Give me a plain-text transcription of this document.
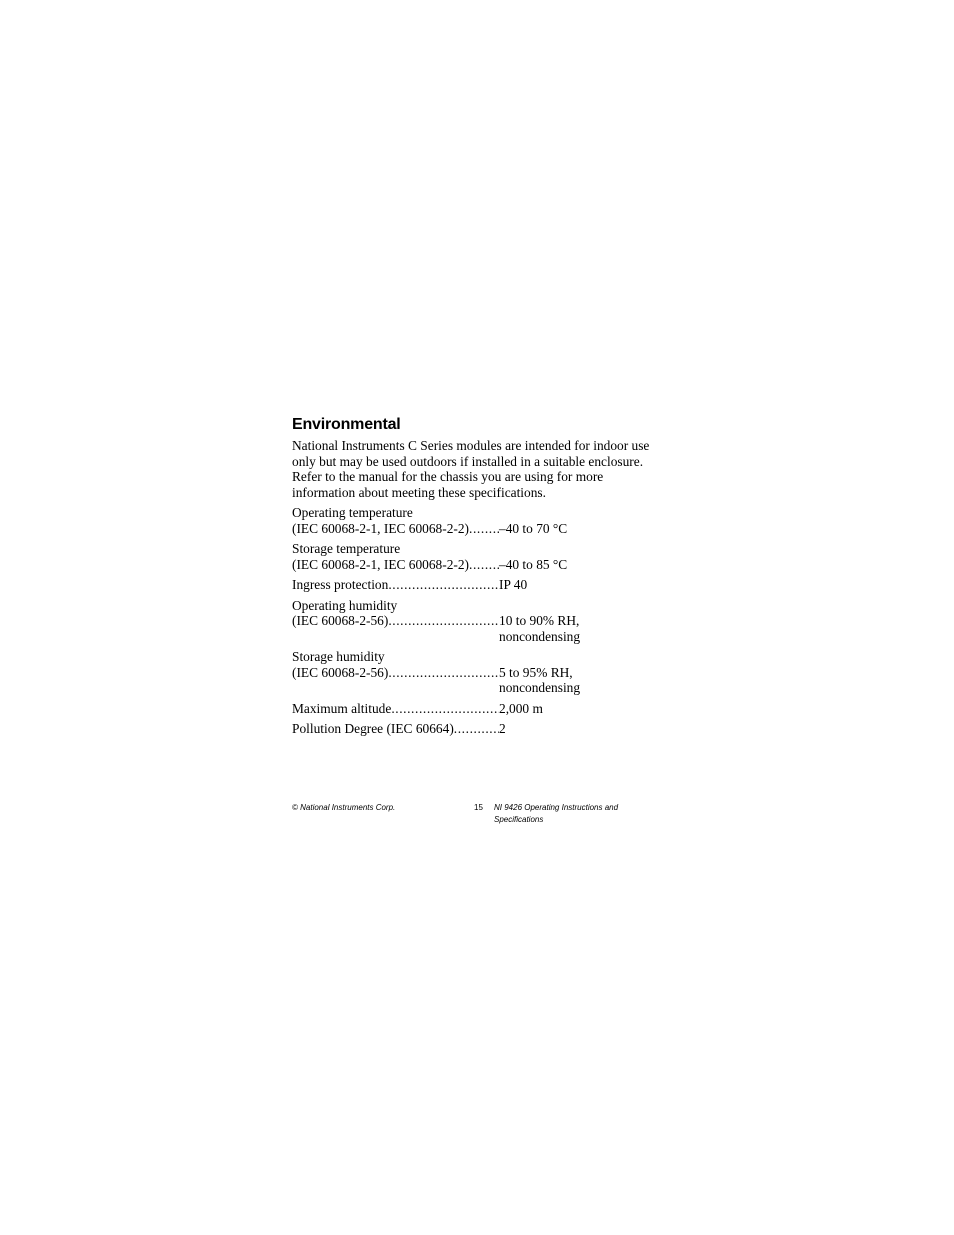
Environmental

National Instruments C Series modules are intended for indoor use only but may be used outdoors if installed in a suitable enclosure. Refer to the manual for the chassis you are using for more information about meeting these specifications.

Operating temperature
(IEC 60068-2-1, IEC 60068-2-2) ..... –40 to 70 °C
Storage temperature
(IEC 60068-2-1, IEC 60068-2-2) ..... –40 to 85 °C
Ingress protection .....	IP 40
Operating humidity
(IEC 60068-2-56) .....	10 to 90% RH,
noncondensing
Storage humidity
(IEC 60068-2-56) .....	5 to 95% RH,
noncondensing
Maximum altitude .....	2,000 m
Pollution Degree (IEC 60664) .....	2
© National Instruments Corp.	15 NI 9426 Operating Instructions and Specifications
